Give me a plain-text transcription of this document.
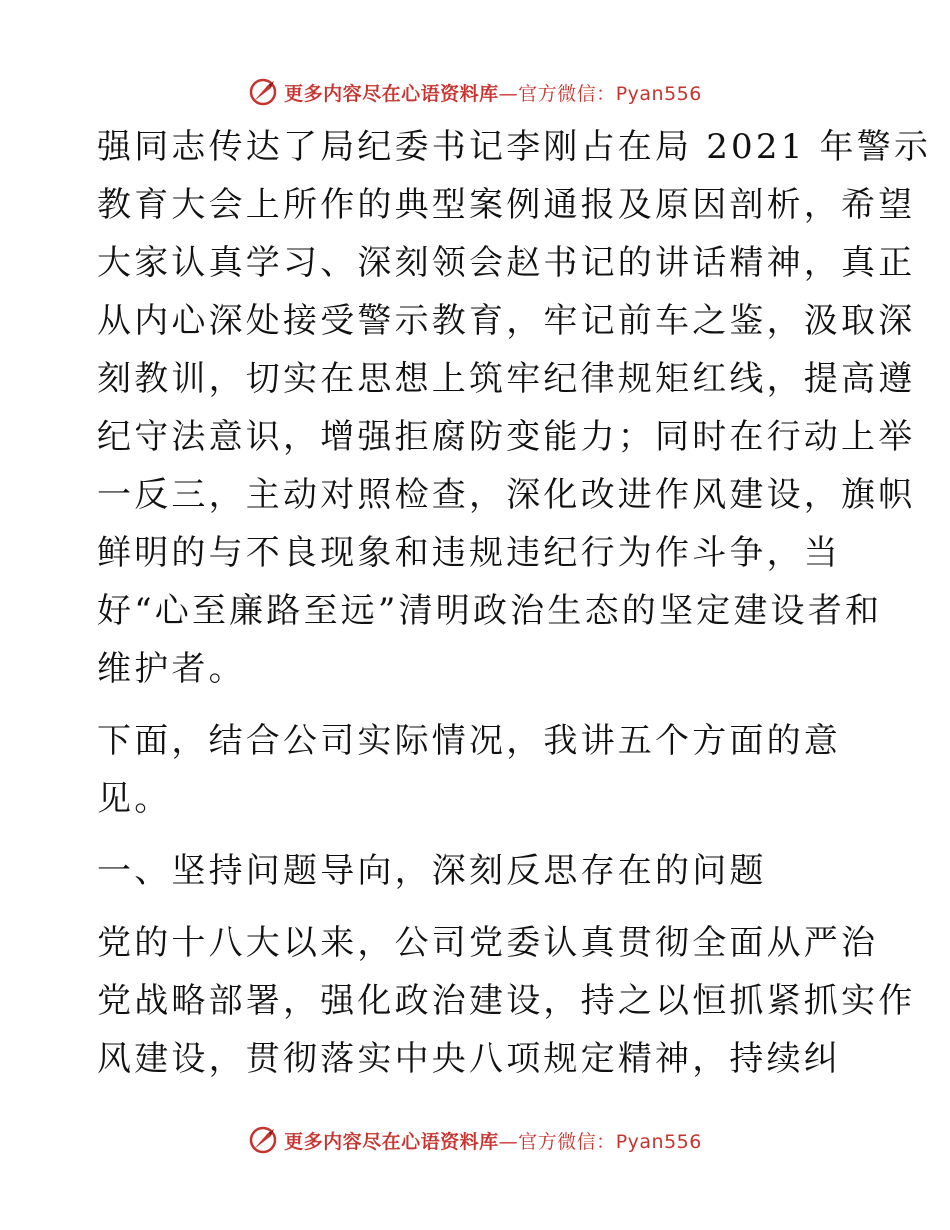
更多内容尽在心语资料库—官方微信：Pyan556

强同志传达了局纪委书记李刚占在局 2021 年警示
教育大会上所作的典型案例通报及原因剖析，希望
大家认真学习、深刻领会赵书记的讲话精神，真正
从内心深处接受警示教育，牢记前车之鉴，汲取深
刻教训，切实在思想上筑牢纪律规矩红线，提高遵
纪守法意识，增强拒腐防变能力；同时在行动上举
一反三，主动对照检查，深化改进作风建设，旗帜
鲜明的与不良现象和违规违纪行为作斗争，当
好“心至廉路至远”清明政治生态的坚定建设者和
维护者。

下面，结合公司实际情况，我讲五个方面的意
见。

一、坚持问题导向，深刻反思存在的问题

党的十八大以来，公司党委认真贯彻全面从严治
党战略部署，强化政治建设，持之以恒抓紧抓实作
风建设，贯彻落实中央八项规定精神，持续纠

更多内容尽在心语资料库—官方微信：Pyan556
